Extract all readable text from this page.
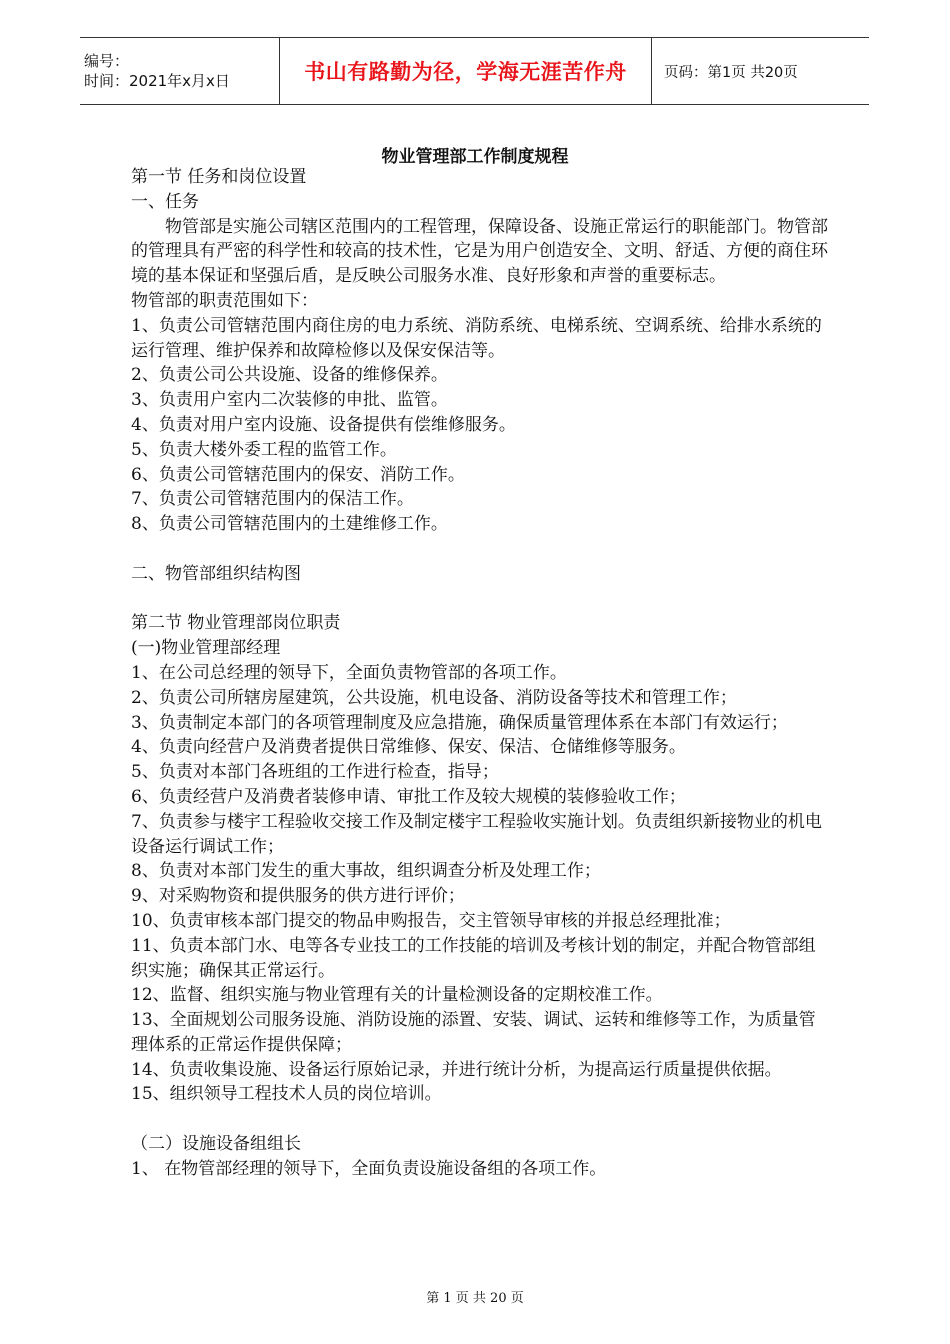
编号：
时间：2021年x月x日	书山有路勤为径，学海无涯苦作舟	页码：第1页 共20页
物业管理部工作制度规程

第一节 任务和岗位设置

一、任务

物管部是实施公司辖区范围内的工程管理，保障设备、设施正常运行的职能部门。物管部的管理具有严密的科学性和较高的技术性，它是为用户创造安全、文明、舒适、方便的商住环境的基本保证和坚强后盾，是反映公司服务水准、良好形象和声誉的重要标志。

物管部的职责范围如下：

1、负责公司管辖范围内商住房的电力系统、消防系统、电梯系统、空调系统、给排水系统的运行管理、维护保养和故障检修以及保安保洁等。

2、负责公司公共设施、设备的维修保养。

3、负责用户室内二次装修的申批、监管。

4、负责对用户室内设施、设备提供有偿维修服务。

5、负责大楼外委工程的监管工作。

6、负责公司管辖范围内的保安、消防工作。

7、负责公司管辖范围内的保洁工作。

8、负责公司管辖范围内的土建维修工作。

二、物管部组织结构图

第二节 物业管理部岗位职责

(一)物业管理部经理

1、在公司总经理的领导下，全面负责物管部的各项工作。

2、负责公司所辖房屋建筑，公共设施，机电设备、消防设备等技术和管理工作；

3、负责制定本部门的各项管理制度及应急措施，确保质量管理体系在本部门有效运行；

4、负责向经营户及消费者提供日常维修、保安、保洁、仓储维修等服务。

5、负责对本部门各班组的工作进行检查，指导；

6、负责经营户及消费者装修申请、审批工作及较大规模的装修验收工作；

7、负责参与楼宇工程验收交接工作及制定楼宇工程验收实施计划。负责组织新接物业的机电设备运行调试工作；

8、负责对本部门发生的重大事故，组织调查分析及处理工作；

9、对采购物资和提供服务的供方进行评价；

10、负责审核本部门提交的物品申购报告，交主管领导审核的并报总经理批准；

11、负责本部门水、电等各专业技工的工作技能的培训及考核计划的制定，并配合物管部组织实施；确保其正常运行。

12、监督、组织实施与物业管理有关的计量检测设备的定期校准工作。

13、全面规划公司服务设施、消防设施的添置、安装、调试、运转和维修等工作，为质量管理体系的正常运作提供保障；

14、负责收集设施、设备运行原始记录，并进行统计分析，为提高运行质量提供依据。

15、组织领导工程技术人员的岗位培训。

（二）设施设备组组长

1、 在物管部经理的领导下，全面负责设施设备组的各项工作。

第 1 页 共 20 页
